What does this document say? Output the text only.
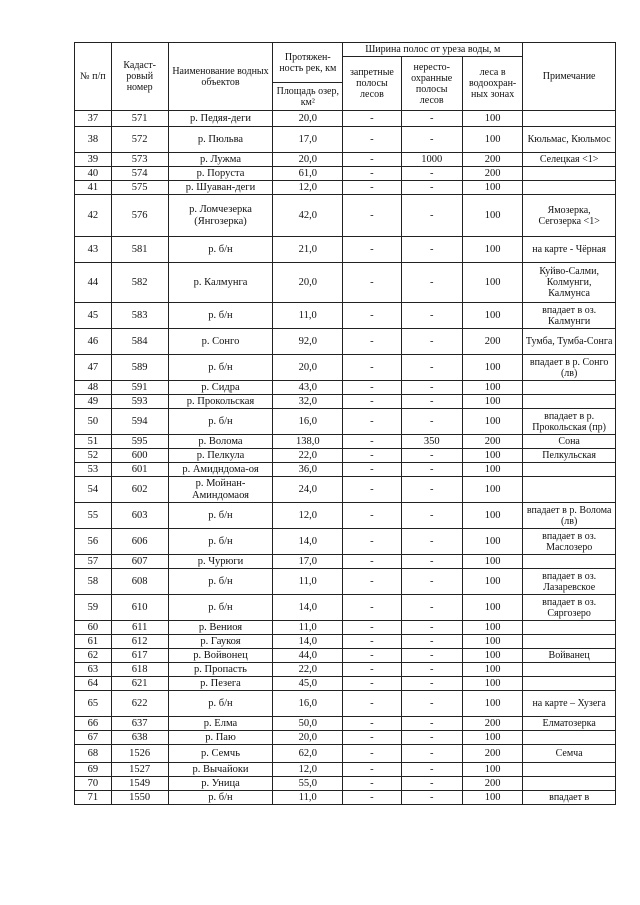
№ п/п	Кадаст-ровый номер	Наименование водных объектов	Протяжен-ность рек, км	Ширина полос от уреза воды, м			Примечание
				запретные полосы лесов	нересто-охранные полосы лесов	леса в водоохран-ных зонах	
			Площадь озер, км²				
37	571	р. Педяя-деги	20,0	-	-	100	
38	572	р. Пюльва	17,0	-	-	100	Кюльмас, Кюльмос
39	573	р. Лужма	20,0	-	1000	200	Селецкая <1>
40	574	р. Поруста	61,0	-	-	200	
41	575	р. Шуаван-деги	12,0	-	-	100	
42	576	р. Ломчезерка (Янгозерка)	42,0	-	-	100	Ямозерка, Сегозерка <1>
43	581	р. б/н	21,0	-	-	100	на карте - Чёрная
44	582	р. Калмунга	20,0	-	-	100	Куйво-Салми, Колмунги, Калмунса
45	583	р. б/н	11,0	-	-	100	впадает в оз. Калмунги
46	584	р. Сонго	92,0	-	-	200	Тумба, Тумба-Сонга
47	589	р. б/н	20,0	-	-	100	впадает в р. Сонго (лв)
48	591	р. Сидра	43,0	-	-	100	
49	593	р. Прокольская	32,0	-	-	100	
50	594	р. б/н	16,0	-	-	100	впадает в р. Прокольская (пр)
51	595	р. Волома	138,0	-	350	200	Сона
52	600	р. Пелкула	22,0	-	-	100	Пелкульская
53	601	р. Амидндома-оя	36,0	-	-	100	
54	602	р. Мойнан-Аминдомаоя	24,0	-	-	100	
55	603	р. б/н	12,0	-	-	100	впадает в р. Волома (лв)
56	606	р. б/н	14,0	-	-	100	впадает в оз. Маслозеро
57	607	р. Чурюги	17,0	-	-	100	
58	608	р. б/н	11,0	-	-	100	впадает в оз. Лазаревское
59	610	р. б/н	14,0	-	-	100	впадает в оз. Сяргозеро
60	611	р. Вениоя	11,0	-	-	100	
61	612	р. Гаукоя	14,0	-	-	100	
62	617	р. Войвонец	44,0	-	-	100	Войванец
63	618	р. Пропасть	22,0	-	-	100	
64	621	р. Пезега	45,0	-	-	100	
65	622	р. б/н	16,0	-	-	100	на карте – Хузега
66	637	р. Елма	50,0	-	-	200	Елматозерка
67	638	р. Паю	20,0	-	-	100	
68	1526	р. Семчь	62,0	-	-	200	Семча
69	1527	р. Вычайоки	12,0	-	-	100	
70	1549	р. Уница	55,0	-	-	200	
71	1550	р. б/н	11,0	-	-	100	впадает в
